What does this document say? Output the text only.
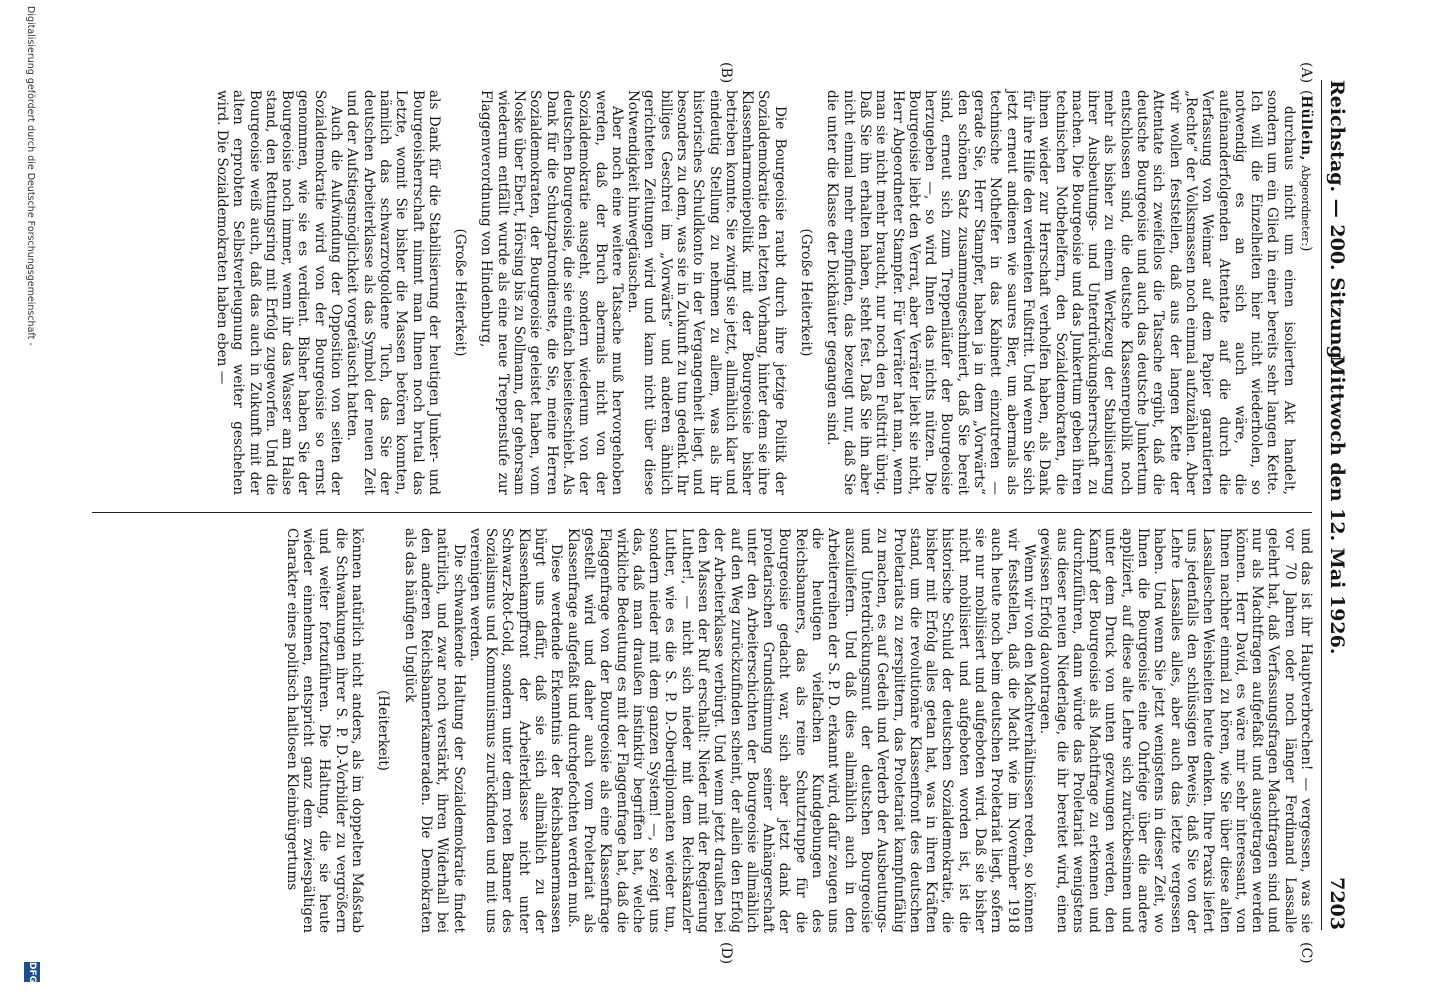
Reichstag. — 200. Sitzung.
Mittwoch den 12. Mai 1926.
7203
(A)
(B)
(C)
(D)

(Hüllein, Abgeordneter:)

durchaus nicht um einen isolierten Akt handelt, sondern um ein Glied in einer bereits sehr langen Kette. Ich will die Einzelheiten hier nicht wiederholen, so notwendig es an sich auch wäre, die aufeinanderfolgenden Attentate auf die durch die Verfassung von Weimar auf dem Papier garantierten „Rechte“ der Volksmassen noch einmal aufzuzählen. Aber wir wollen feststellen, daß aus der langen Kette der Attentate sich zweifellos die Tatsache ergibt, daß die deutsche Bourgeoisie und auch das deutsche Junkertum entschlossen sind, die deutsche Klassenrepublik noch mehr als bisher zu einem Werkzeug der Stabilisierung ihrer Ausbeutungs- und Unterdrückungsherrschaft zu machen. Die Bourgeoisie und das Junkertum geben ihren technischen Notbehelfern, den Sozialdemokraten, die ihnen wieder zur Herrschaft verholfen haben, als Dank für ihre Hilfe den verdienten Fußtritt. Und wenn Sie sich jetzt erneut andienen wie saures Bier, um abermals als technische Nothelfer in das Kabinett einzutreten — gerade Sie, Herr Stampfer, haben ja in dem „Vorwärts“ den schönen Satz zusammengeschmiert, daß Sie bereit sind, erneut sich zum Treppenläufer der Bourgeoisie herzugeben —, so wird Ihnen das nichts nützen. Die Bourgeoisie liebt den Verrat, aber Verräter liebt sie nicht, Herr Abgeordneter Stampfer. Für Verräter hat man, wenn man sie nicht mehr braucht, nur noch den Fußtritt übrig. Daß Sie ihn erhalten haben, steht fest. Daß Sie ihn aber nicht einmal mehr empfinden, das bezeugt nur, daß Sie die unter die Klasse der Dickhäuter gegangen sind.

(Große Heiterkeit)

Die Bourgeoisie raubt durch ihre jetzige Politik der Sozialdemokratie den letzten Vorhang, hinter dem sie ihre Klassenharmoniepolitik mit der Bourgeoisie bisher betrieben konnte. Sie zwingt sie jetzt, allmählich klar und eindeutig Stellung zu nehmen zu allem, was als ihr historisches Schuldkonto in der Vergangenheit liegt, und besonders zu dem, was sie in Zukunft zu tun gedenkt. Ihr billiges Geschrei im „Vorwärts“ und anderen ähnlich gerichteten Zeitungen wird und kann nicht über diese Notwendigkeit hinwegtäuschen.

Aber noch eine weitere Tatsache muß hervorgehoben werden, daß der Bruch abermals nicht von der Sozialdemokratie ausgeht, sondern wiederum von der deutschen Bourgeoisie, die sie einfach beiseiteschiebt. Als Dank für die Schutzpatrondienste, die Sie, meine Herren Sozialdemokraten, der Bourgeoisie geleistet haben, vom Noske über Ebert, Hörsing bis zu Sollmann, der gehorsam wiederum entfällt wurde als eine neue Treppenstufe zur Flaggenverordnung von Hindenburg,

(Große Heiterkeit)

als Dank für die Stabilisierung der heutigen Junker- und Bourgeoisherrschaft nimmt man Ihnen noch brutal das Letzte, womit Sie bisher die Massen betören konnten, nämlich das schwarzrotgoldene Tuch, das Sie der deutschen Arbeiterklasse als das Symbol der neuen Zeit und der Aufstiegsmöglichkeit vorgetäuscht hatten.

Auch die Aufwindung der Opposition von seiten der Sozialdemokratie wird von der Bourgeoisie so ernst genommen, wie sie es verdient. Bisher haben Sie der Bourgeoisie noch immer, wenn ihr das Wasser am Halse stand, den Rettungsring mit Erfolg zugeworfen. Und die Bourgeoisie weiß auch, daß das auch in Zukunft mit der alten erprobten Selbstverleugnung weiter geschehen wird. Die Sozialdemokraten haben eben —

und das ist ihr Hauptverbrechen! — vergessen, was sie vor 70 Jahren oder noch länger Ferdinand Lassalle gelehrt hat, daß Verfassungsfragen Machtfragen sind und nur als Machtfragen aufgefaßt und ausgetragen werden können. Herr David, es wäre mir sehr interessant, von Ihnen nachher einmal zu hören, wie Sie über diese alten Lassalleschen Weisheiten heute denken. Ihre Praxis liefert uns jedenfalls den schlüssigen Beweis, daß Sie von der Lehre Lassalles alles, aber auch das letzte vergessen haben. Und wenn Sie jetzt wenigstens in dieser Zeit, wo Ihnen die Bourgeoisie eine Ohrfeige über die andere appliziert, auf diese alte Lehre sich zurückbesinnen und unter dem Druck von unten gezwungen werden, den Kampf der Bourgeoisie als Machtfrage zu erkennen und durchzuführen, dann würde das Proletariat wenigstens aus dieser neuen Niederlage, die ihr bereitet wird, einen gewissen Erfolg davontragen.

Wenn wir von den Machtverhältnissen reden, so können wir feststellen, daß die Macht wie im November 1918 auch heute noch beim deutschen Proletariat liegt, sofern sie nur mobilisiert und aufgeboten wird. Daß sie bisher nicht mobilisiert und aufgeboten worden ist, ist die historische Schuld der deutschen Sozialdemokratie, die bisher mit Erfolg alles getan hat, was in ihren Kräften stand, um die revolutionäre Klassenfront des deutschen Proletariats zu zersplittern, das Proletariat kampfunfähig zu machen, es auf Gedeih und Verderb der Ausbeutungs- und Unterdrückungsmut der deutschen Bourgeoisie auszuliefern. Und daß dies allmählich auch in den Arbeiterreihen der S. P. D. erkannt wird, dafür zeugen uns die heutigen vielfachen Kundgebungen des Reichsbanners, das als reine Schutztruppe für die Bourgeoisie gedacht war, sich aber jetzt dank der proletarischen Grundstimmung seiner Anhängerschaft unter den Arbeiterschichten der Bourgeoisie allmählich auf den Weg zurückzufinden scheint, der allein den Erfolg der Arbeiterklasse verbürgt. Und wenn jetzt draußen bei den Massen der Ruf erschallt: Nieder mit der Regierung Luther!, — nicht sich nieder mit dem Reichskanzler Luther, wie es die S. P. D.-Oberdiplomaten wieder tun, sondern nieder mit dem ganzen System! —, so zeigt uns das, daß man draußen instinktiv begriffen hat, welche wirkliche Bedeutung es mit der Flaggenfrage hat, daß die Flaggenfrage von der Bourgeoisie als eine Klassenfrage gestellt wird und daher auch vom Proletariat als Klassenfrage aufgefaßt und durchgefochten werden muß.

Diese werdende Erkenntnis der Reichsbannermassen bürgt uns dafür, daß sie sich allmählich zu der Klassenkampffront der Arbeiterklasse nicht unter Schwarz-Rot-Gold, sondern unter dem roten Banner des Sozialismus und Kommunismus zurückfinden und mit uns vereinigen werden.

Die schwankende Haltung der Sozialdemokratie findet natürlich, und zwar noch verstärkt, ihren Widerhall bei den anderen Reichsbannerkameraden. Die Demokraten als das häufigen Unglück

(Heiterkeit)

können natürlich nicht anders, als im doppelten Maßstab die Schwankungen ihrer S. P. D.-Vorbilder zu vergrößern und weiter fortzuführen. Die Haltung, die sie heute wieder einnehmen, entspricht ganz dem zwiespältigen Charakter eines politisch haltlosen Kleinbürgertums

Digitalisierung gefördert durch die Deutsche Forschungsgemeinschaft -
DFG
